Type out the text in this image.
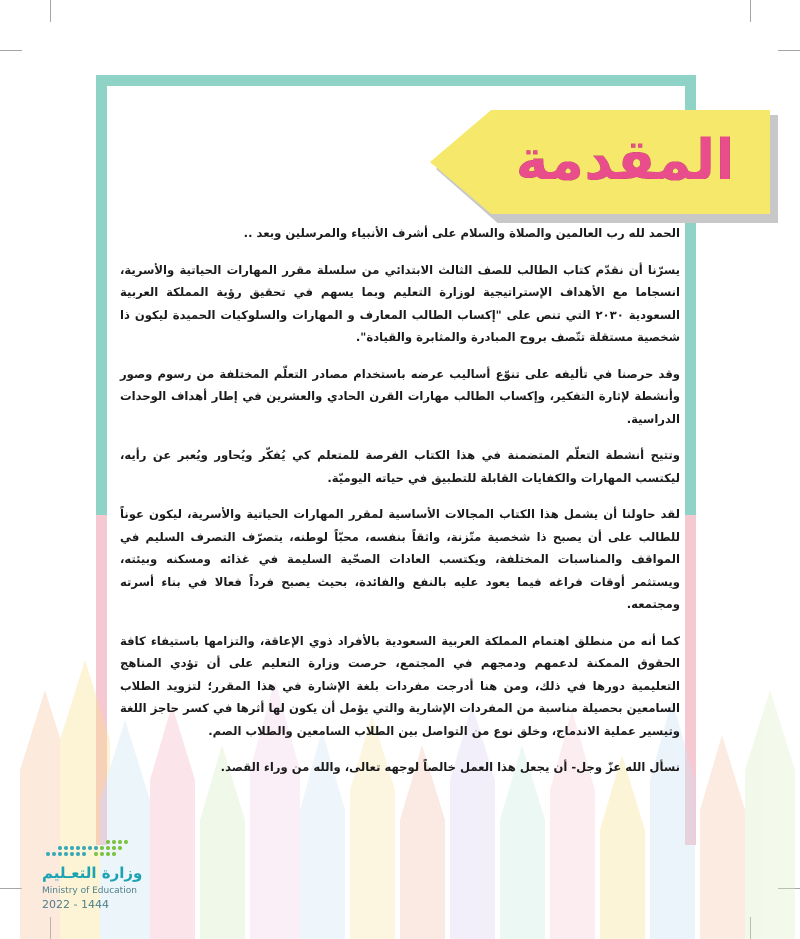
المقدمة

الحمد لله رب العالمين والصلاة والسلام على أشرف الأنبياء والمرسلين وبعد ..

يسرّنا أن نقدّم كتاب الطالب للصف الثالث الابتدائي من سلسلة مقرر المهارات الحياتية والأسرية، انسجاما مع الأهداف الإستراتيجية لوزارة التعليم وبما يسهم في تحقيق رؤية المملكة العربية السعودية ٢٠٣٠ التي تنص على "إكساب الطالب المعارف و المهارات والسلوكيات الحميدة ليكون ذا شخصية مستقلة تتّصف بروح المبادرة والمثابرة والقيادة".

وقد حرصنا في تأليفه على تنوّع أساليب عرضه باستخدام مصادر التعلّم المختلفة من رسوم وصور وأنشطة لإثارة التفكير، وإكساب الطالب مهارات القرن الحادي والعشرين في إطار أهداف الوحدات الدراسية.

وتتيح أنشطة التعلّم المتضمنة في هذا الكتاب الفرصة للمتعلم كي يُفكّر ويُحاور ويُعبر عن رأيه، ليكتسب المهارات والكفايات القابلة للتطبيق في حياته اليوميّة.

لقد حاولنا أن يشمل هذا الكتاب المجالات الأساسية لمقرر المهارات الحياتية والأسرية، ليكون عوناً للطالب على أن يصبح ذا شخصية متّزنة، واثقاً بنفسه، محبّاً لوطنه، يتصرّف التصرف السليم في المواقف والمناسبات المختلفة، ويكتسب العادات الصحّية السليمة في غذائه ومسكنه وبيئته، ويستثمر أوقات فراغه فيما يعود عليه بالنفع والفائدة، بحيث يصبح فرداً فعالا في بناء أسرته ومجتمعه.

كما أنه من منطلق اهتمام المملكة العربية السعودية بالأفراد ذوي الإعاقة، والتزامها باستيفاء كافة الحقوق الممكنة لدعمهم ودمجهم في المجتمع، حرصت وزارة التعليم على أن تؤدي المناهج التعليمية دورها في ذلك، ومن هنا أدرجت مفردات بلغة الإشارة في هذا المقرر؛ لتزويد الطلاب السامعين بحصيلة مناسبة من المفردات الإشارية والتي يؤمل أن يكون لها أثرها في كسر حاجز اللغة وتيسير عملية الاندماج، وخلق نوع من التواصل بين الطلاب السامعين والطلاب الصم.

نسأل الله عزّ وجل- أن يجعل هذا العمل خالصاً لوجهه تعالى، والله من وراء القصد.

وزارة التعـليم
Ministry of Education
2022 - 1444
